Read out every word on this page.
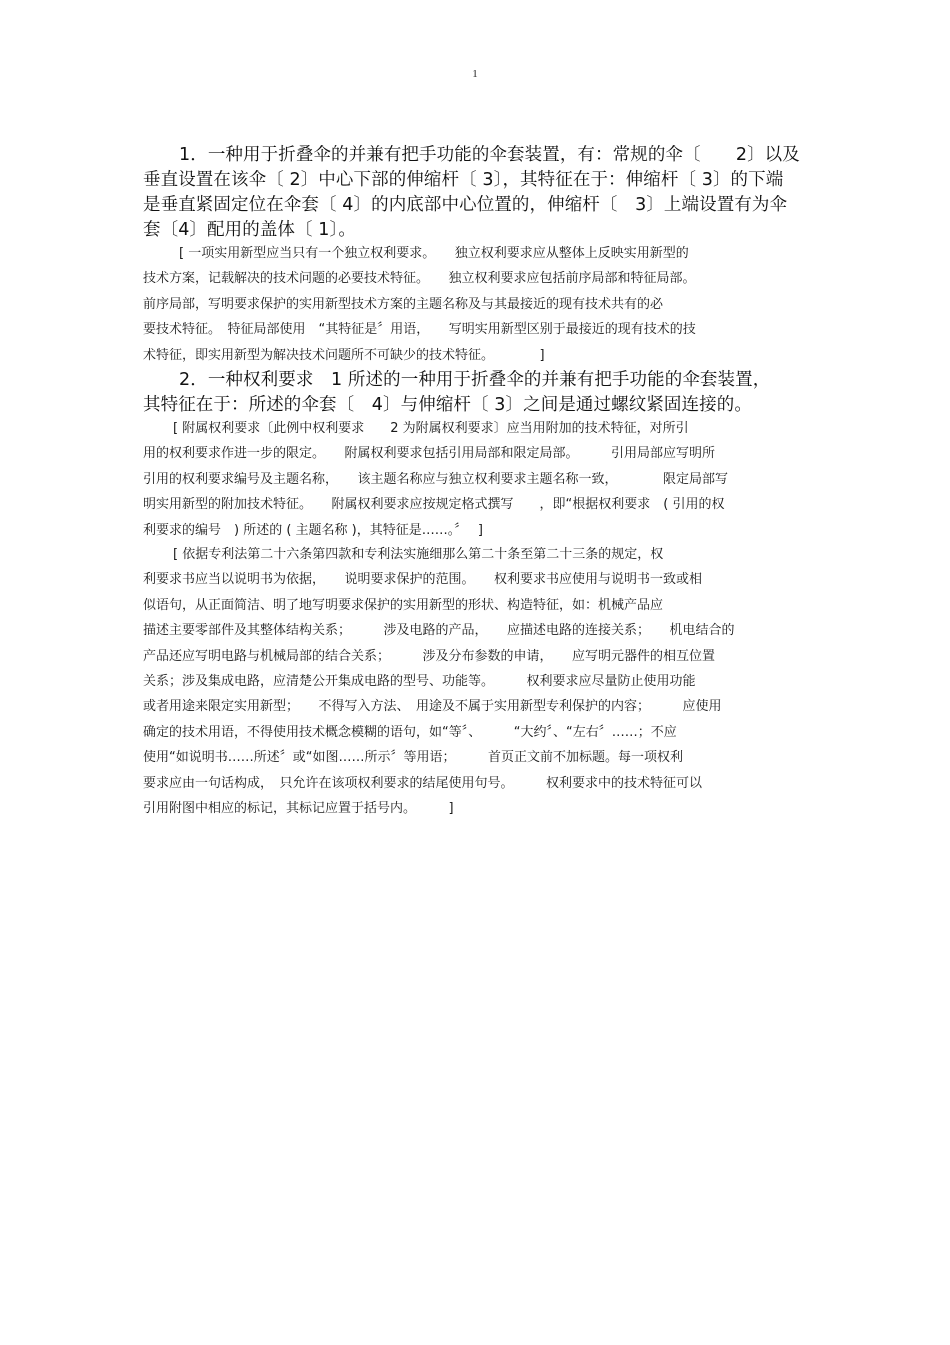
1
1．一种用于折叠伞的并兼有把手功能的伞套装置，有：常规的伞〔　　2〕以及
垂直设置在该伞〔 2〕中心下部的伸缩杆〔 3〕，其特征在于：伸缩杆〔 3〕的下端
是垂直紧固定位在伞套〔 4〕的内底部中心位置的，伸缩杆〔　3〕上端设置有为伞
套〔4〕配用的盖体〔 1〕。
[ 一项实用新型应当只有一个独立权利要求。　　独立权利要求应从整体上反映实用新型的
技术方案，记载解决的技术问题的必要技术特征。　　独立权利要求应包括前序局部和特征局部。
前序局部，写明要求保护的实用新型技术方案的主题名称及与其最接近的现有技术共有的必
要技术特征。　特征局部使用　“其特征是〞用语，　　写明实用新型区别于最接近的现有技术的技
术特征，即实用新型为解决技术问题所不可缺少的技术特征。　　　　]
2．一种权利要求　1 所述的一种用于折叠伞的并兼有把手功能的伞套装置，
其特征在于：所述的伞套〔　4〕与伸缩杆〔 3〕之间是通过螺纹紧固连接的。
[ 附属权利要求〔此例中权利要求　　2 为附属权利要求〕应当用附加的技术特征，对所引
用的权利要求作进一步的限定。　　附属权利要求包括引用局部和限定局部。　　　引用局部应写明所
引用的权利要求编号及主题名称，　　该主题名称应与独立权利要求主题名称一致，　　　　限定局部写
明实用新型的附加技术特征。　　附属权利要求应按规定格式撰写　　，即“根据权利要求　( 引用的权
利要求的编号　) 所述的 ( 主题名称 )，其特征是……。〞　 ]
[ 依据专利法第二十六条第四款和专利法实施细那么第二十条至第二十三条的规定，权
利要求书应当以说明书为依据，　　说明要求保护的范围。　　权利要求书应使用与说明书一致或相
似语句，从正面简洁、明了地写明要求保护的实用新型的形状、构造特征，如：机械产品应
描述主要零部件及其整体结构关系；　　　涉及电路的产品，　　应描述电路的连接关系；　　机电结合的
产品还应写明电路与机械局部的结合关系；　　　涉及分布参数的申请，　　应写明元器件的相互位置
关系；涉及集成电路，应清楚公开集成电路的型号、功能等。　　　权利要求应尽量防止使用功能
或者用途来限定实用新型；　　不得写入方法、　用途及不属于实用新型专利保护的内容；　　　应使用
确定的技术用语，不得使用技术概念模糊的语句，如“等〞、　　　“大约〞、“左右〞……；不应
使用“如说明书……所述〞或“如图……所示〞等用语；　　　首页正文前不加标题。每一项权利
要求应由一句话构成，　只允许在该项权利要求的结尾使用句号。　　　权利要求中的技术特征可以
引用附图中相应的标记，其标记应置于括号内。　　　]
